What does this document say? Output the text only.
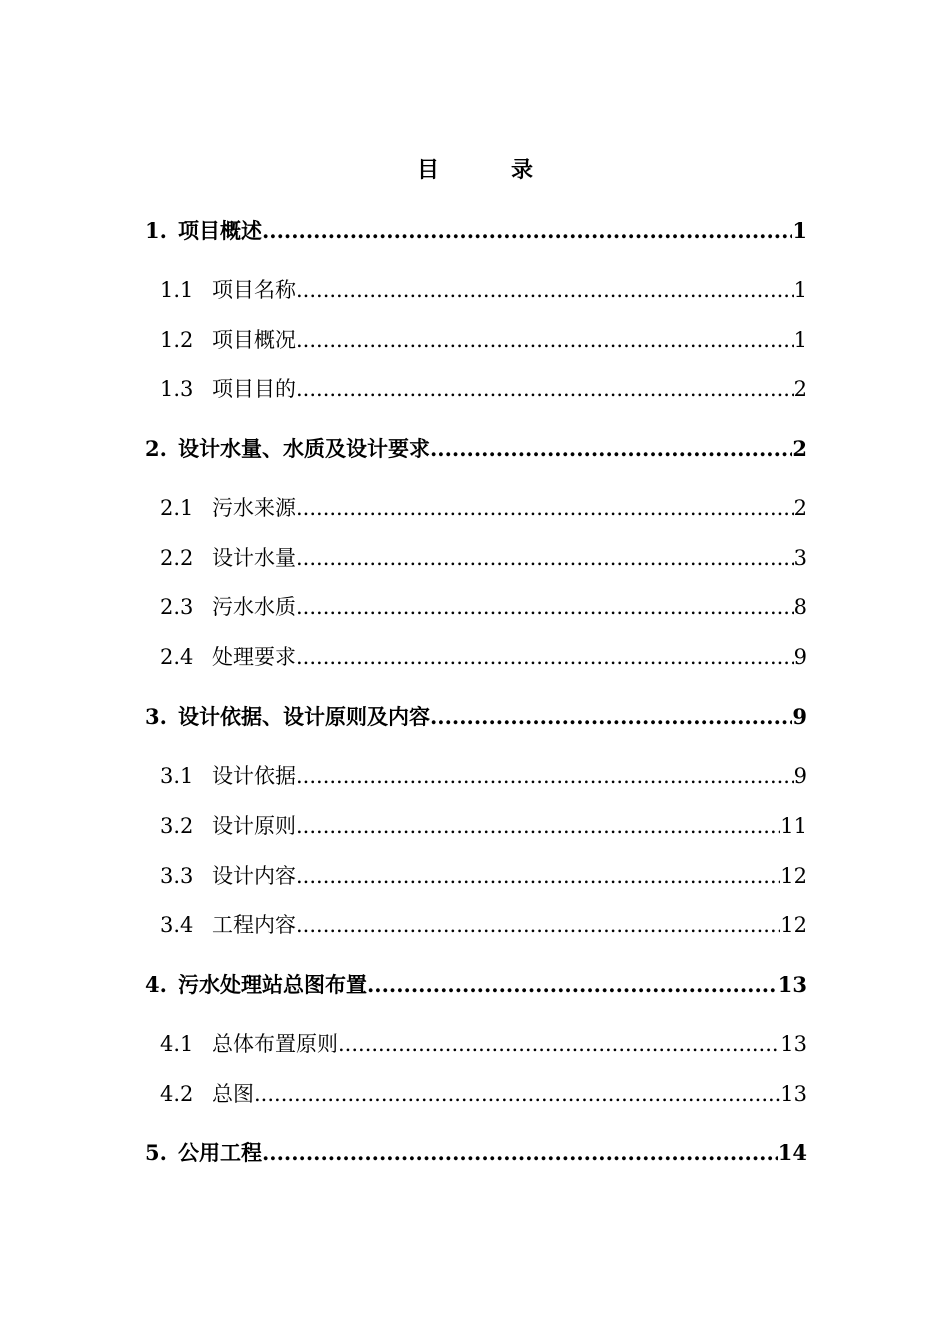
目	录
1. 项目概述 .....	1
1.1 项目名称 .....	1
1.2 项目概况 .....	1
1.3 项目目的 .....	2
2. 设计水量、水质及设计要求 .....	2
2.1 污水来源 .....	2
2.2 设计水量 .....	3
2.3 污水水质 .....	8
2.4 处理要求 .....	9
3. 设计依据、设计原则及内容 .....	9
3.1 设计依据 .....	9
3.2 设计原则 .....	11
3.3 设计内容 .....	12
3.4 工程内容 .....	12
4. 污水处理站总图布置 .....	13
4.1 总体布置原则 .....	13
4.2 总图 .....	13
5. 公用工程 .....	14
